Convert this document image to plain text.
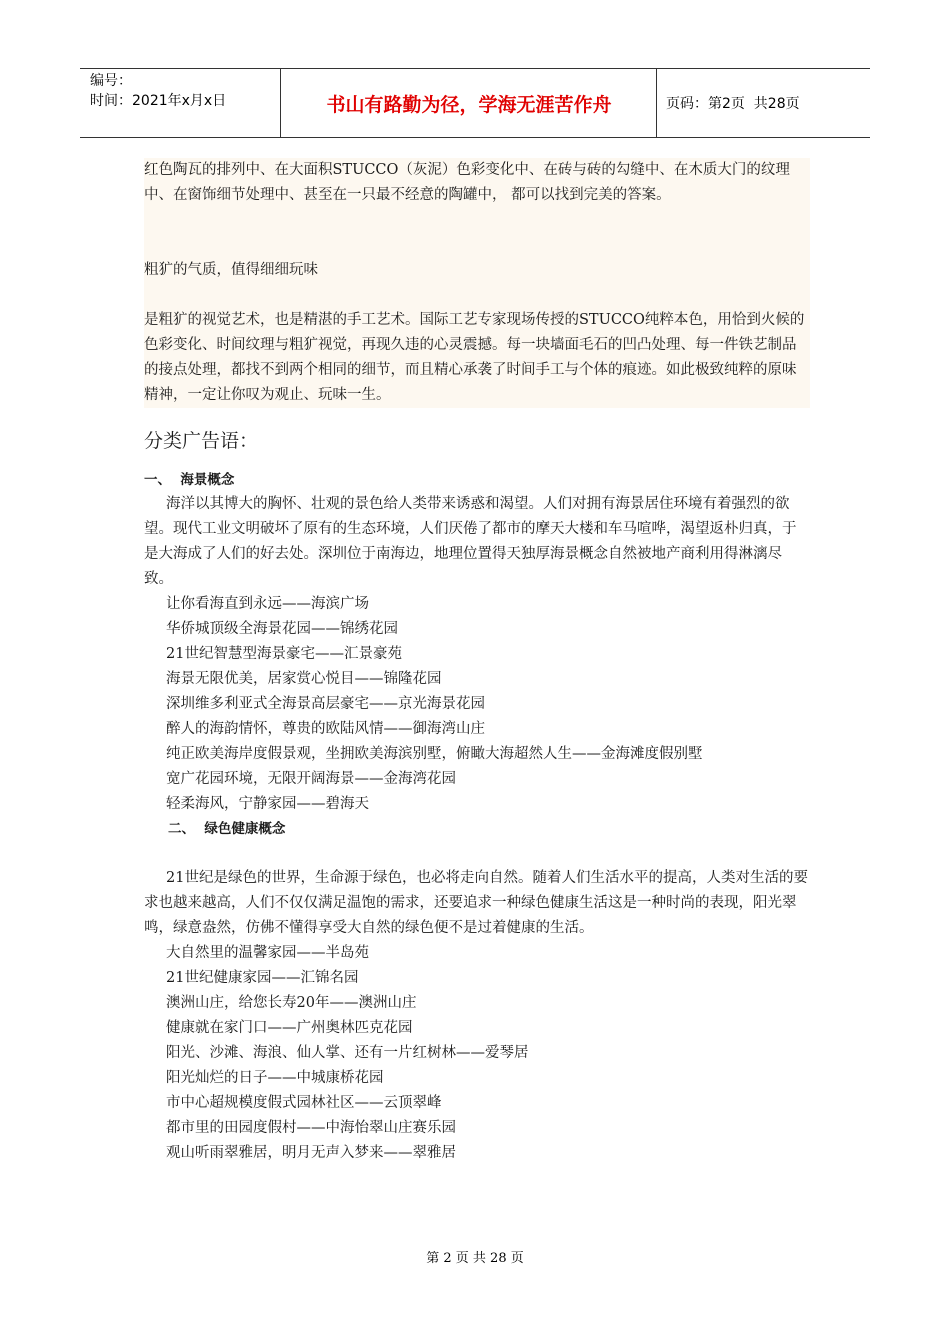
编号：
时间：2021年x月x日	书山有路勤为径，学海无涯苦作舟	页码：第2页  共28页

红色陶瓦的排列中、在大面积STUCCO（灰泥）色彩变化中、在砖与砖的勾缝中、在木质大门的纹理中、在窗饰细节处理中、甚至在一只最不经意的陶罐中， 都可以找到完美的答案。

粗犷的气质，值得细细玩味

是粗犷的视觉艺术，也是精湛的手工艺术。国际工艺专家现场传授的STUCCO纯粹本色，用恰到火候的色彩变化、时间纹理与粗犷视觉，再现久违的心灵震撼。每一块墙面毛石的凹凸处理、每一件铁艺制品的接点处理，都找不到两个相同的细节，而且精心承袭了时间手工与个体的痕迹。如此极致纯粹的原味精神，一定让你叹为观止、玩味一生。

分类广告语：
一、  海景概念

海洋以其博大的胸怀、壮观的景色给人类带来诱惑和渴望。人们对拥有海景居住环境有着强烈的欲望。现代工业文明破坏了原有的生态环境，人们厌倦了都市的摩天大楼和车马喧哗，渴望返朴归真，于是大海成了人们的好去处。深圳位于南海边，地理位置得天独厚海景概念自然被地产商利用得淋漓尽致。

让你看海直到永远——海滨广场
华侨城顶级全海景花园——锦绣花园
21世纪智慧型海景豪宅——汇景豪苑
海景无限优美，居家赏心悦目——锦隆花园
深圳维多利亚式全海景高层豪宅——京光海景花园
醉人的海韵情怀，尊贵的欧陆风情——御海湾山庄
纯正欧美海岸度假景观，坐拥欧美海滨别墅，俯瞰大海超然人生——金海滩度假别墅
宽广花园环境，无限开阔海景——金海湾花园
轻柔海风，宁静家园——碧海天
二、  绿色健康概念

21世纪是绿色的世界，生命源于绿色，也必将走向自然。随着人们生活水平的提高，人类对生活的要求也越来越高，人们不仅仅满足温饱的需求，还要追求一种绿色健康生活这是一种时尚的表现，阳光翠鸣，绿意盎然，仿佛不懂得享受大自然的绿色便不是过着健康的生活。

大自然里的温馨家园——半岛苑
21世纪健康家园——汇锦名园
澳洲山庄，给您长寿20年——澳洲山庄
健康就在家门口——广州奥林匹克花园
阳光、沙滩、海浪、仙人掌、还有一片红树林——爱琴居
阳光灿烂的日子——中城康桥花园
市中心超规模度假式园林社区——云顶翠峰
都市里的田园度假村——中海怡翠山庄赛乐园
观山听雨翠雅居，明月无声入梦来——翠雅居
第 2 页 共 28 页
